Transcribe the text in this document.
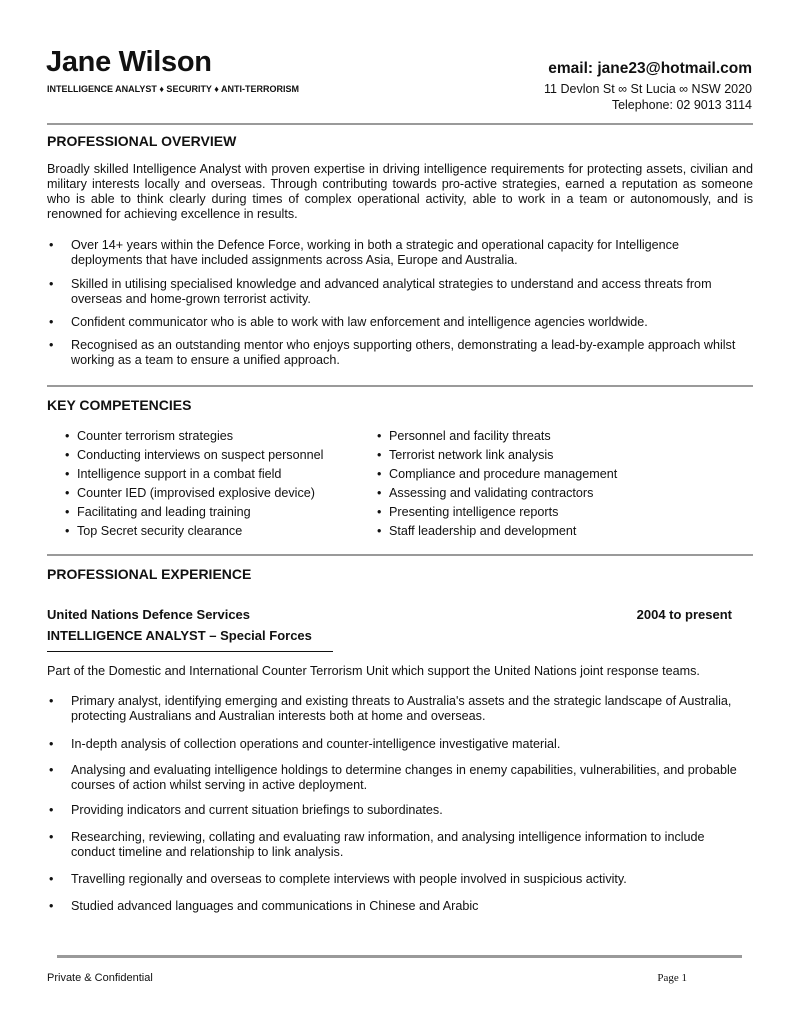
Jane Wilson
INTELLIGENCE ANALYST ♦ SECURITY ♦ ANTI-TERRORISM
email: jane23@hotmail.com
11 Devlon St ∞ St Lucia ∞ NSW 2020
Telephone: 02 9013 3114
PROFESSIONAL OVERVIEW
Broadly skilled Intelligence Analyst with proven expertise in driving intelligence requirements for protecting assets, civilian and military interests locally and overseas. Through contributing towards pro-active strategies, earned a reputation as someone who is able to think clearly during times of complex operational activity, able to work in a team or autonomously, and is renowned for achieving excellence in results.
• Over 14+ years within the Defence Force, working in both a strategic and operational capacity for Intelligence deployments that have included assignments across Asia, Europe and Australia.
• Skilled in utilising specialised knowledge and advanced analytical strategies to understand and access threats from overseas and home-grown terrorist activity.
• Confident communicator who is able to work with law enforcement and intelligence agencies worldwide.
• Recognised as an outstanding mentor who enjoys supporting others, demonstrating a lead-by-example approach whilst working as a team to ensure a unified approach.
KEY COMPETENCIES
• Counter terrorism strategies
• Conducting interviews on suspect personnel
• Intelligence support in a combat field
• Counter IED (improvised explosive device)
• Facilitating and leading training
• Top Secret security clearance
• Personnel and facility threats
• Terrorist network link analysis
• Compliance and procedure management
• Assessing and validating contractors
• Presenting intelligence reports
• Staff leadership and development
PROFESSIONAL EXPERIENCE
United Nations Defence Services	2004 to present
INTELLIGENCE ANALYST – Special Forces
Part of the Domestic and International Counter Terrorism Unit which support the United Nations joint response teams.
• Primary analyst, identifying emerging and existing threats to Australia's assets and the strategic landscape of Australia, protecting Australians and Australian interests both at home and overseas.
• In-depth analysis of collection operations and counter-intelligence investigative material.
• Analysing and evaluating intelligence holdings to determine changes in enemy capabilities, vulnerabilities, and probable courses of action whilst serving in active deployment.
• Providing indicators and current situation briefings to subordinates.
• Researching, reviewing, collating and evaluating raw information, and analysing intelligence information to include conduct timeline and relationship to link analysis.
• Travelling regionally and overseas to complete interviews with people involved in suspicious activity.
• Studied advanced languages and communications in Chinese and Arabic
Private & Confidential	Page 1
